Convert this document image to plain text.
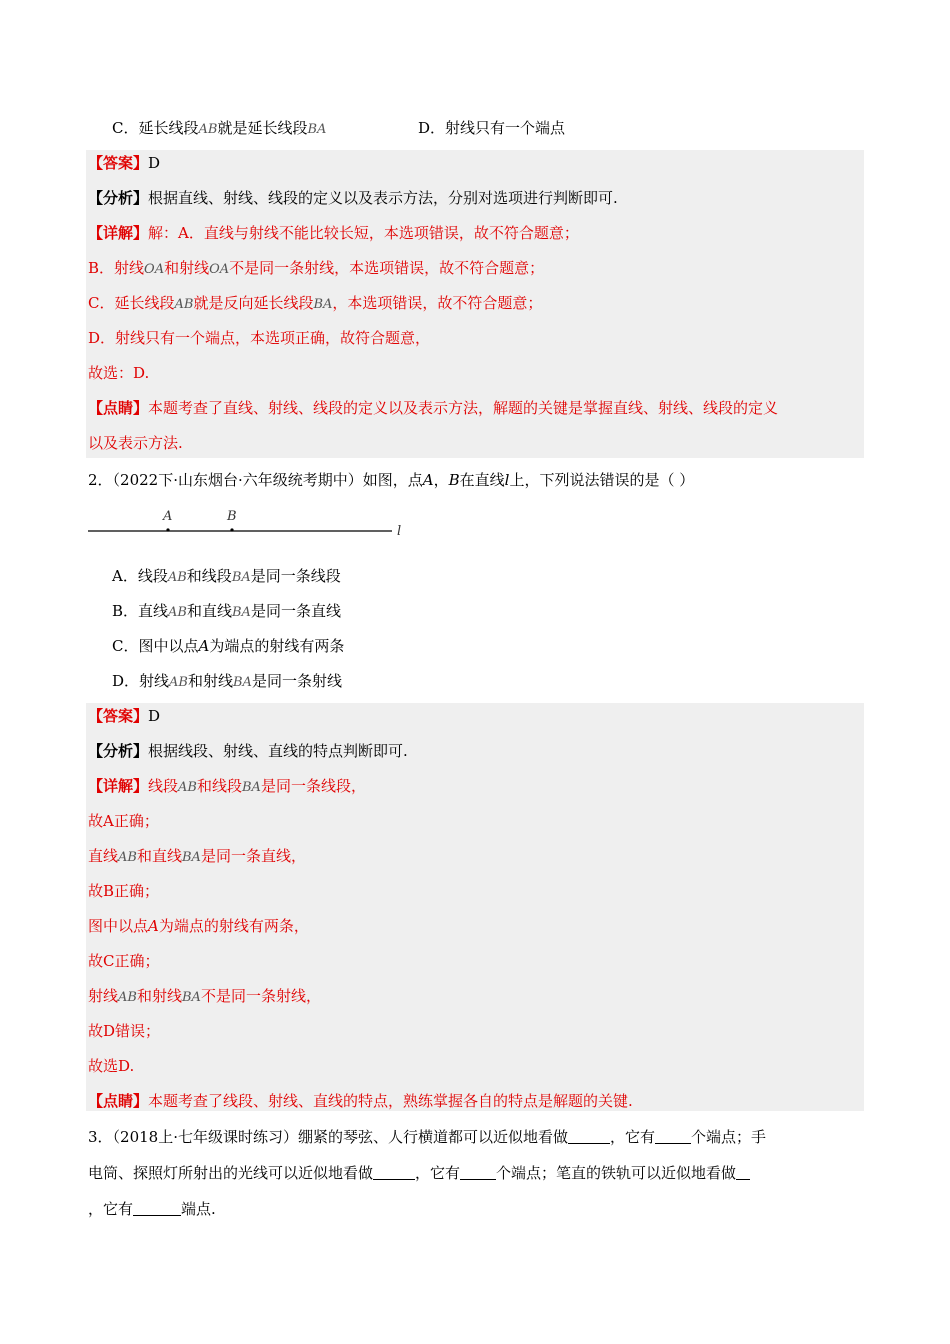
C．延长线段AB就是延长线段BA	D．射线只有一个端点
【答案】D
【分析】根据直线、射线、线段的定义以及表示方法，分别对选项进行判断即可.
【详解】解：A．直线与射线不能比较长短，本选项错误，故不符合题意；
B．射线OA和射线OA不是同一条射线，本选项错误，故不符合题意；
C．延长线段AB就是反向延长线段BA，本选项错误，故不符合题意；
D．射线只有一个端点，本选项正确，故符合题意，
故选：D.
【点睛】本题考查了直线、射线、线段的定义以及表示方法，解题的关键是掌握直线、射线、线段的定义
以及表示方法.
2．（2022下·山东烟台·六年级统考期中）如图，点A，B在直线l上，下列说法错误的是（ ）
A	B
l
A．线段AB和线段BA是同一条线段
B．直线AB和直线BA是同一条直线
C．图中以点A为端点的射线有两条
D．射线AB和射线BA是同一条射线
【答案】D
【分析】根据线段、射线、直线的特点判断即可.
【详解】线段AB和线段BA是同一条线段，
故A正确；
直线AB和直线BA是同一条直线，
故B正确；
图中以点A为端点的射线有两条，
故C正确；
射线AB和射线BA不是同一条射线，
故D错误；
故选D.
【点睛】本题考查了线段、射线、直线的特点，熟练掌握各自的特点是解题的关键.
3．（2018上·七年级课时练习）绷紧的琴弦、人行横道都可以近似地看做	，它有 个端点；手
电筒、探照灯所射出的光线可以近似地看做	，它有 个端点；笔直的铁轨可以近似地看做
，它有	端点.
